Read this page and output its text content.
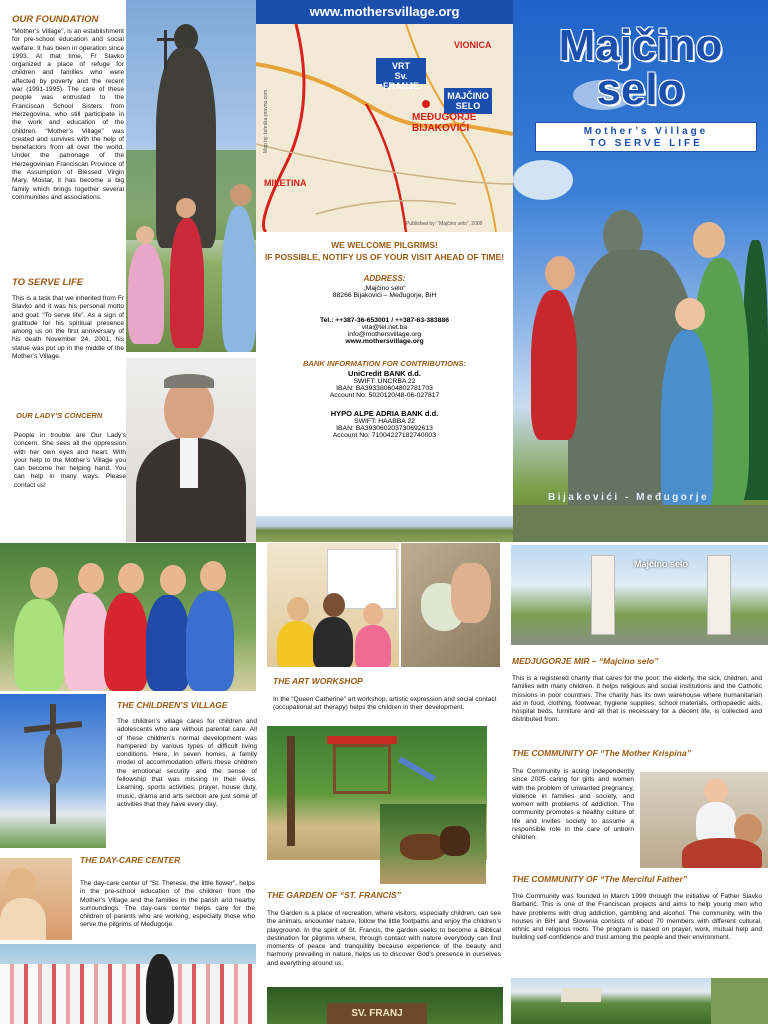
OUR FOUNDATION
“Mother’s Village”, is an establishment for pre-school education and social welfare. It has been in operation since 1993. At that time, Fr Slavko organized a place of refuge for children and families who were affected by poverty and the recent war (1991-1995). The care of these people was entrusted to the Franciscan School Sisters from Herzegovina, who still participate in the work and education of the children. “Mother’s Village” was created and survives with the help of benefactors from all over the world. Under the patronage of the Herzegovinian Franciscan Province of the Assumption of Blessed Virgin Mary, Mostar, it has become a big family which brings together several communities and associations.
TO SERVE LIFE
This is a task that we inherited from Fr Slavko and it was his personal motto and goal: “To serve life”. As a sign of gratitude for his spiritual presence among us on the first anniversary of his death November 24, 2001, his statue was put up in the middle of the Mother’s Village.
OUR LADY’S CONCERN
People in trouble are Our Lady’s concern. She sees all the oppression with her own eyes and heart. With your help to the Mother’s Village you can become her helping hand. You can help in many ways. Please contact us!
www.mothersvillage.org
VRT
Sv. FRANJE
VIONICA
MAJČINO
SELO
MEĐUGORJE
BIJAKOVIĆI
MILETINA
Published by: “Majčino selo”, 2009
Map by: tehnika-pravno.com
WE WELCOME PILGRIMS!
IF POSSIBLE, NOTIFY US OF YOUR VISIT AHEAD OF TIME!
ADDRESS:
„Majčino selo“
88266 Bijakovići – Međugorje, BiH
Tel.: ++387-36-653001 / ++387-63-383886
vita@tel.net.ba
info@mothersvillage.org
www.mothersvillage.org
BANK INFORMATION FOR CONTRIBUTIONS:
UniCredit BANK d.d.
SWIFT: UNCRBA 22
IBAN: BA393380604802781703
Account No: 5020120/48-06-027817
HYPO ALPE ADRIA BANK d.d.
SWIFT: HAABBA 22
IBAN: BA393060203730692613
Account No: 7100422718274000З
Majčino
selo
Mother’s Village
TO SERVE LIFE
Bijakovići - Međugorje
THE CHILDREN’S VILLAGE
The children’s village cares for children and adolescents who are without parental care. All of these children’s normal development was hampered by various types of difficult living conditions. Here, in seven homes, a family model of accommodation offers these children the emotional security and the sense of fellowship that was missing in their lives. Learning, sports activities, prayer, house duty, music, drama and arts section are just some of activities that they have every day.
THE DAY-CARE CENTER
The day-care center of “St. Therese, the little flower”, helps in the pre-school education of the children from the Mother’s Village and the families in the parish and nearby surroundings. The day-care center helps care for the children of parents who are working, especially those who serve the pilgrims of Međugorje.
THE ART WORKSHOP
In the “Queen Catherine” art workshop, artistic expression and social contact (occupational art therapy) helps the children in their development.
THE GARDEN OF “ST. FRANCIS”
The Garden is a place of recreation, where visitors, especially children, can see the animals, encounter nature, follow the little footpaths and enjoy the children’s playground. In the spirit of St. Francis, the garden seeks to become a Biblical destination for pilgrims where, through contact with nature everybody can find moments of peace and tranquillity because experience of the beauty and harmony prevailing in nature, helps us to discover God’s presence in ourselves and everything around us.
SV. FRANJ
Majčino selo
MEDJUGORJE MIR – “Majcino selo”
This is a registered charity that cares for the poor: the elderly, the sick, children, and families with many children. It helps religious and social institutions and the Catholic missions in poor countries. The charity has its own warehouse where humanitarian aid in food, clothing, footwear, hygiene supplies, school materials, orthopaedic aids, hospital beds, furniture and all that is necessary for a decent life, is collected and distributed from.
THE COMMUNITY OF “The Mother Krispina”
The Community is acting independently since 2005 caring for girls and women with the problem of unwanted pregnancy, violence in families and society, and women with problems of addiction. The community promotes a healthy culture of life and invites society to assume a responsible role in the care of unborn children.
THE COMMUNITY OF “The Merciful Father”
The Community was founded in March 1999 through the initiative of Father Slavko Barbarić. This is one of the Franciscan projects and aims to help young men who have problems with drug addiction, gambling and alcohol. The community, with the houses in BiH and Slovenia consists of about 70 members with different cultural, ethnic and religious roots. The program is based on prayer, work, mutual help and building self-confidence and trust among the people and their environment.
